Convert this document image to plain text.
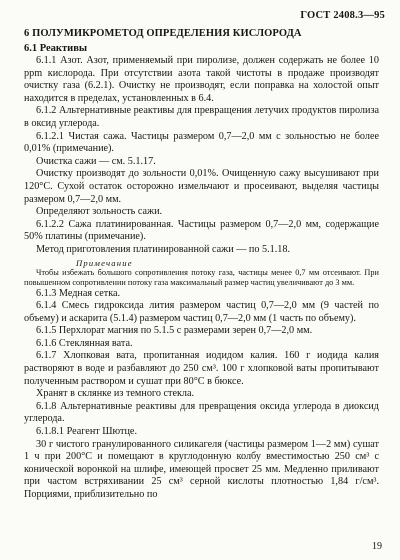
ГОСТ 2408.3—95
6 ПОЛУМИКРОМЕТОД ОПРЕДЕЛЕНИЯ КИСЛОРОДА
6.1 Реактивы

6.1.1 Азот. Азот, применяемый при пиролизе, должен содержать не более 10 ppm кислорода. При отсутствии азота такой чистоты в продаже производят очистку газа (6.2.1). Очистку не производят, если поправка на холостой опыт находится в пределах, установленных в 6.4.

6.1.2 Альтернативные реактивы для превращения летучих продуктов пиролиза в оксид углерода.

6.1.2.1 Чистая сажа. Частицы размером 0,7—2,0 мм с зольностью не более 0,01% (примечание).

Очистка сажи — см. 5.1.17.

Очистку производят до зольности 0,01%. Очищенную сажу высушивают при 120°С. Сухой остаток осторожно измельчают и просеивают, выделяя частицы размером 0,7—2,0 мм.

Определяют зольность сажи.

6.1.2.2 Сажа платинированная. Частицы размером 0,7—2,0 мм, содержащие 50% платины (примечание).

Метод приготовления платинированной сажи — по 5.1.18.

Примечание

Чтобы избежать большого сопротивления потоку газа, частицы менее 0,7 мм отсеивают. При повышенном сопротивлении потоку газа максимальный размер частиц увеличивают до 3 мм.

6.1.3 Медная сетка.

6.1.4 Смесь гидроксида лития размером частиц 0,7—2,0 мм (9 частей по объему) и аскарита (5.1.4) размером частиц 0,7—2,0 мм (1 часть по объему).

6.1.5 Перхлорат магния по 5.1.5 с размерами зерен 0,7—2,0 мм.

6.1.6 Стеклянная вата.

6.1.7 Хлопковая вата, пропитанная иодидом калия. 160 г иодида калия растворяют в воде и разбавляют до 250 см³. 100 г хлопковой ваты пропитывают полученным раствором и сушат при 80°С в бюксе.

Хранят в склянке из темного стекла.

6.1.8 Альтернативные реактивы для превращения оксида углерода в диоксид углерода.

6.1.8.1 Реагент Шютце.

30 г чистого гранулированного силикагеля (частицы размером 1—2 мм) сушат 1 ч при 200°С и помещают в круглодонную колбу вместимостью 250 см³ с конической воронкой на шлифе, имеющей просвет 25 мм. Медленно приливают при частом встряхивании 25 см³ серной кислоты плотностью 1,84 г/см³. Порциями, приблизительно по

19
